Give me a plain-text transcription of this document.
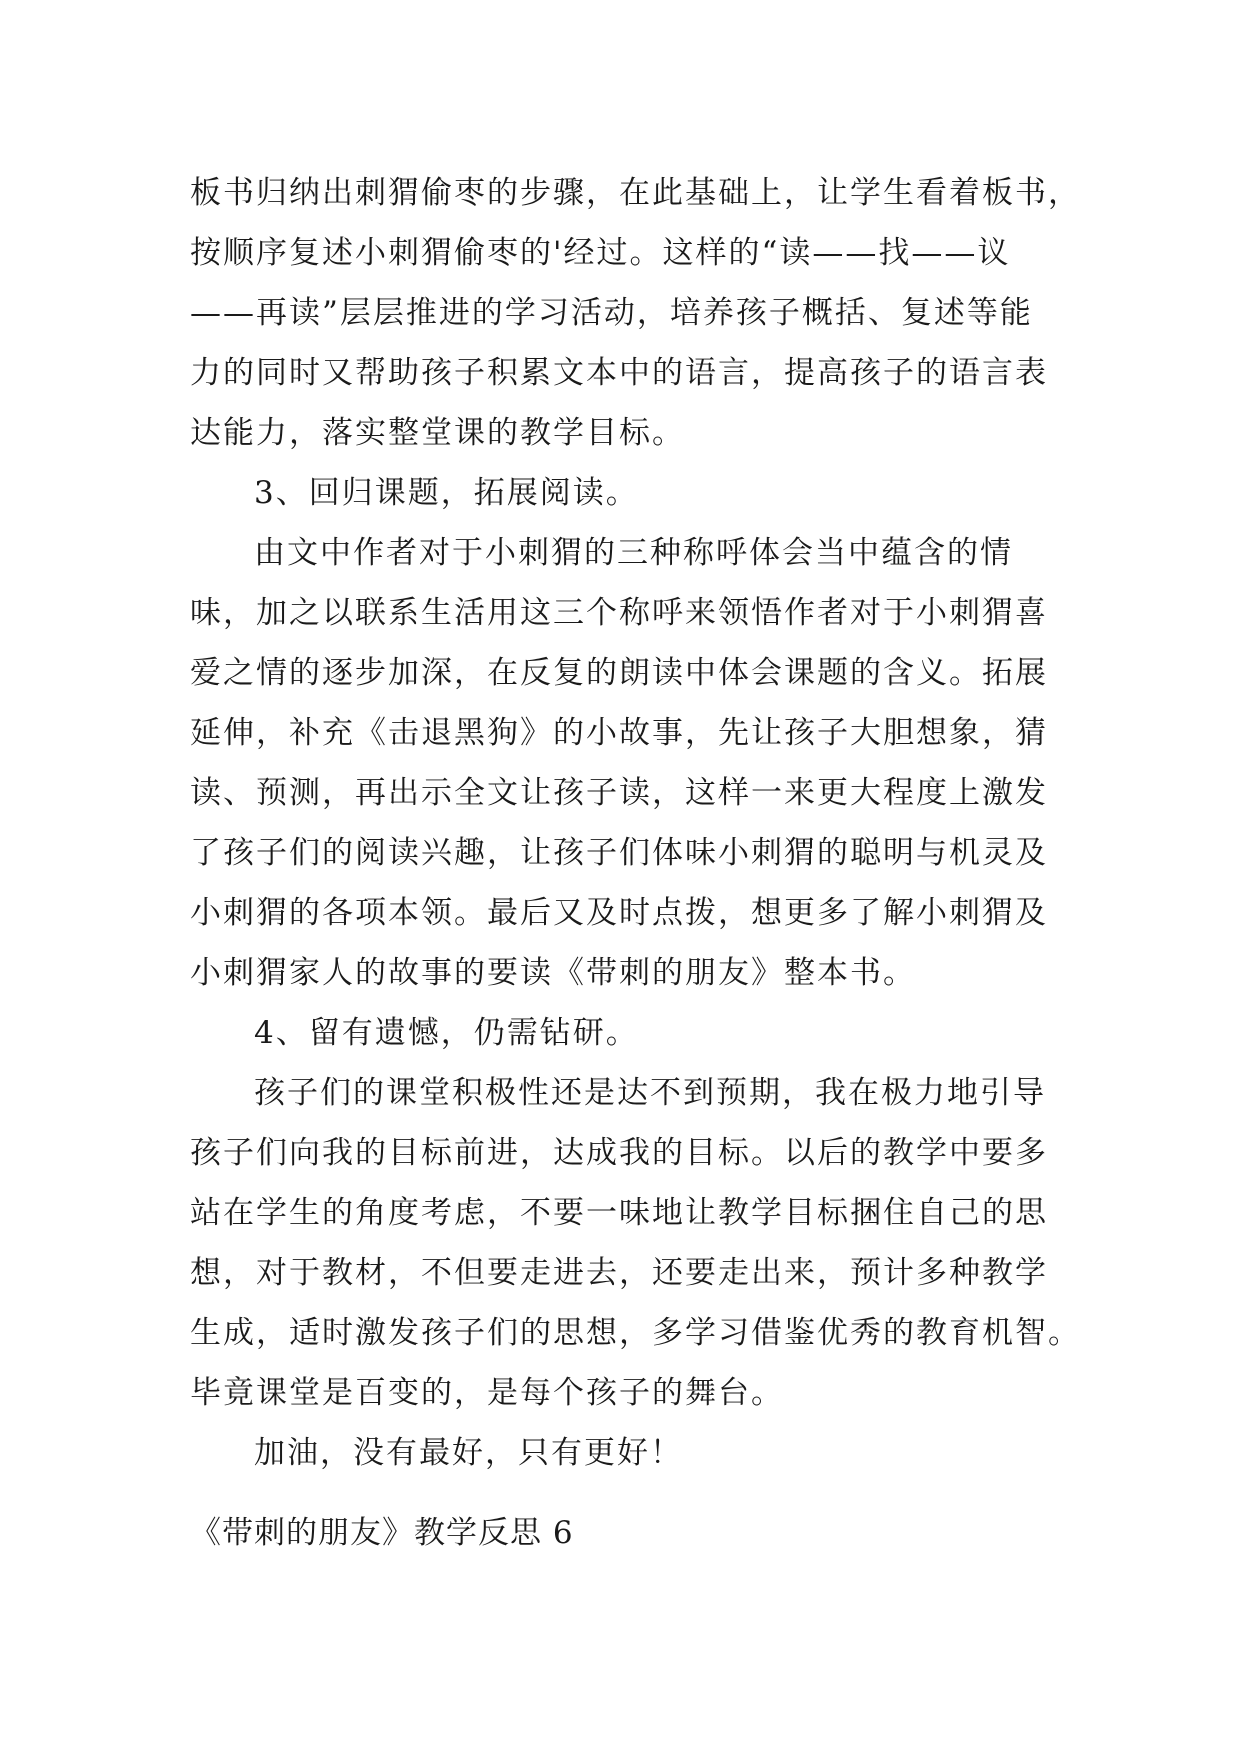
板书归纳出刺猬偷枣的步骤，在此基础上，让学生看着板书，
按顺序复述小刺猬偷枣的'经过。这样的“读——找——议
——再读”层层推进的学习活动，培养孩子概括、复述等能
力的同时又帮助孩子积累文本中的语言，提高孩子的语言表
达能力，落实整堂课的教学目标。
3、回归课题，拓展阅读。
由文中作者对于小刺猬的三种称呼体会当中蕴含的情
味，加之以联系生活用这三个称呼来领悟作者对于小刺猬喜
爱之情的逐步加深，在反复的朗读中体会课题的含义。拓展
延伸，补充《击退黑狗》的小故事，先让孩子大胆想象，猜
读、预测，再出示全文让孩子读，这样一来更大程度上激发
了孩子们的阅读兴趣，让孩子们体味小刺猬的聪明与机灵及
小刺猬的各项本领。最后又及时点拨，想更多了解小刺猬及
小刺猬家人的故事的要读《带刺的朋友》整本书。
4、留有遗憾，仍需钻研。
孩子们的课堂积极性还是达不到预期，我在极力地引导
孩子们向我的目标前进，达成我的目标。以后的教学中要多
站在学生的角度考虑，不要一味地让教学目标捆住自己的思
想，对于教材，不但要走进去，还要走出来，预计多种教学
生成，适时激发孩子们的思想，多学习借鉴优秀的教育机智。
毕竟课堂是百变的，是每个孩子的舞台。
加油，没有最好，只有更好！
《带刺的朋友》教学反思 6
